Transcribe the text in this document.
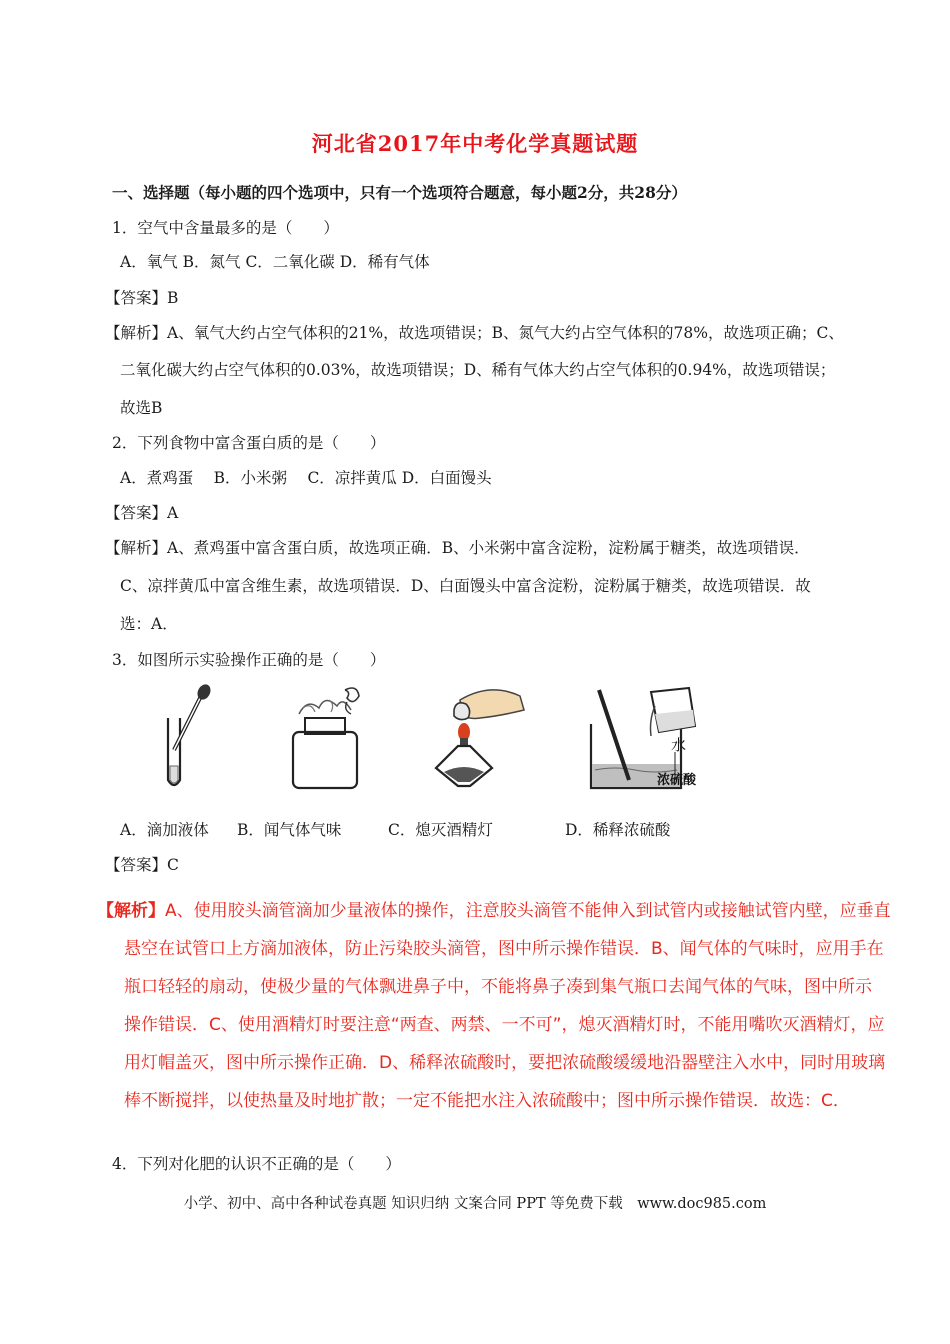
河北省2017年中考化学真题试题
一、选择题（每小题的四个选项中，只有一个选项符合题意，每小题2分，共28分）
1．空气中含量最多的是（　　）
A．氧气 B．氮气 C．二氧化碳 D．稀有气体
【答案】B
【解析】A、氧气大约占空气体积的21%，故选项错误；B、氮气大约占空气体积的78%，故选项正确；C、
二氧化碳大约占空气体积的0.03%，故选项错误；D、稀有气体大约占空气体积的0.94%，故选项错误；
故选B
2．下列食物中富含蛋白质的是（　　）
A．煮鸡蛋　 B．小米粥　 C．凉拌黄瓜 D．白面馒头
【答案】A
【解析】A、煮鸡蛋中富含蛋白质，故选项正确．B、小米粥中富含淀粉，淀粉属于糖类，故选项错误．
C、凉拌黄瓜中富含维生素，故选项错误．D、白面馒头中富含淀粉，淀粉属于糖类，故选项错误．故
选：A．
3．如图所示实验操作正确的是（　　）
水
浓硫酸
A．滴加液体 B．闻气体气味	C．熄灭酒精灯	D．稀释浓硫酸
【答案】C
【解析】A、使用胶头滴管滴加少量液体的操作，注意胶头滴管不能伸入到试管内或接触试管内壁，应垂直
悬空在试管口上方滴加液体，防止污染胶头滴管，图中所示操作错误．B、闻气体的气味时，应用手在
瓶口轻轻的扇动，使极少量的气体飘进鼻子中，不能将鼻子凑到集气瓶口去闻气体的气味，图中所示
操作错误．C、使用酒精灯时要注意“两查、两禁、一不可”，熄灭酒精灯时，不能用嘴吹灭酒精灯，应
用灯帽盖灭，图中所示操作正确．D、稀释浓硫酸时，要把浓硫酸缓缓地沿器壁注入水中，同时用玻璃
棒不断搅拌，以使热量及时地扩散；一定不能把水注入浓硫酸中；图中所示操作错误．故选：C．
4．下列对化肥的认识不正确的是（　　）
小学、初中、高中各种试卷真题 知识归纳 文案合同 PPT 等免费下载　www.doc985.com
